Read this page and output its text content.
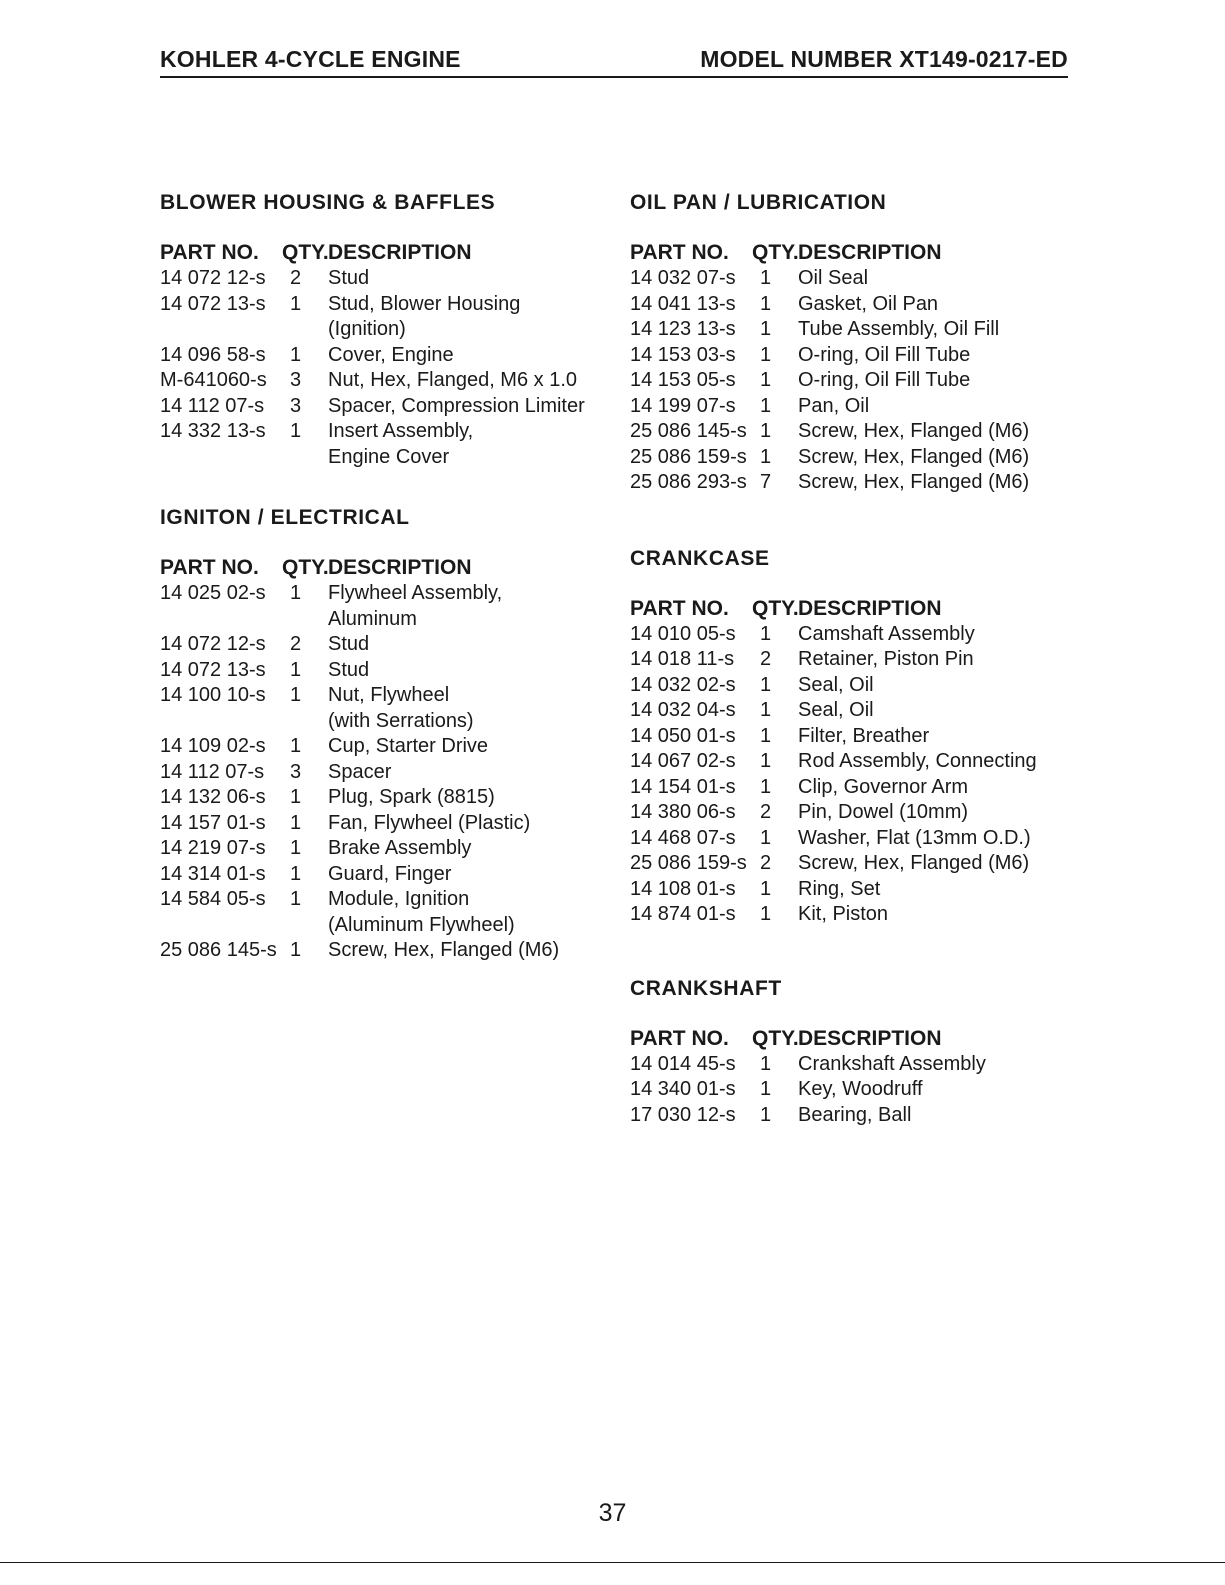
KOHLER 4-CYCLE ENGINE	MODEL NUMBER XT149-0217-ED
BLOWER HOUSING & BAFFLES
PART NO.	QTY. DESCRIPTION
14 072 12-s	2	Stud
14 072 13-s	1	Stud, Blower Housing
(Ignition)
14 096 58-s	1	Cover, Engine
M-641060-s	3	Nut, Hex, Flanged, M6 x 1.0
14 112 07-s	3	Spacer, Compression Limiter
14 332 13-s	1	Insert Assembly,
Engine Cover
IGNITON / ELECTRICAL
PART NO.	QTY. DESCRIPTION
14 025 02-s	1	Flywheel Assembly,
Aluminum
14 072 12-s	2	Stud
14 072 13-s	1	Stud
14 100 10-s	1	Nut, Flywheel
(with Serrations)
14 109 02-s	1	Cup, Starter Drive
14 112 07-s	3	Spacer
14 132 06-s	1	Plug, Spark (8815)
14 157 01-s	1	Fan, Flywheel (Plastic)
14 219 07-s	1	Brake Assembly
14 314 01-s	1	Guard, Finger
14 584 05-s	1	Module, Ignition
(Aluminum Flywheel)
25 086 145-s 1	Screw, Hex, Flanged (M6)
OIL PAN / LUBRICATION
PART NO.	QTY. DESCRIPTION
14 032 07-s	1	Oil Seal
14 041 13-s	1	Gasket, Oil Pan
14 123 13-s	1	Tube Assembly, Oil Fill
14 153 03-s	1	O-ring, Oil Fill Tube
14 153 05-s	1	O-ring, Oil Fill Tube
14 199 07-s	1	Pan, Oil
25 086 145-s 1	Screw, Hex, Flanged (M6)
25 086 159-s 1	Screw, Hex, Flanged (M6)
25 086 293-s 7	Screw, Hex, Flanged (M6)
CRANKCASE
PART NO.	QTY. DESCRIPTION
14 010 05-s	1	Camshaft Assembly
14 018 11-s	2	Retainer, Piston Pin
14 032 02-s	1	Seal, Oil
14 032 04-s	1	Seal, Oil
14 050 01-s	1	Filter, Breather
14 067 02-s	1	Rod Assembly, Connecting
14 154 01-s	1	Clip, Governor Arm
14 380 06-s	2	Pin, Dowel (10mm)
14 468 07-s	1	Washer, Flat (13mm O.D.)
25 086 159-s 2	Screw, Hex, Flanged (M6)
14 108 01-s	1	Ring, Set
14 874 01-s	1	Kit, Piston
CRANKSHAFT
PART NO.	QTY. DESCRIPTION
14 014 45-s	1	Crankshaft Assembly
14 340 01-s	1	Key, Woodruff
17 030 12-s	1	Bearing, Ball
37
